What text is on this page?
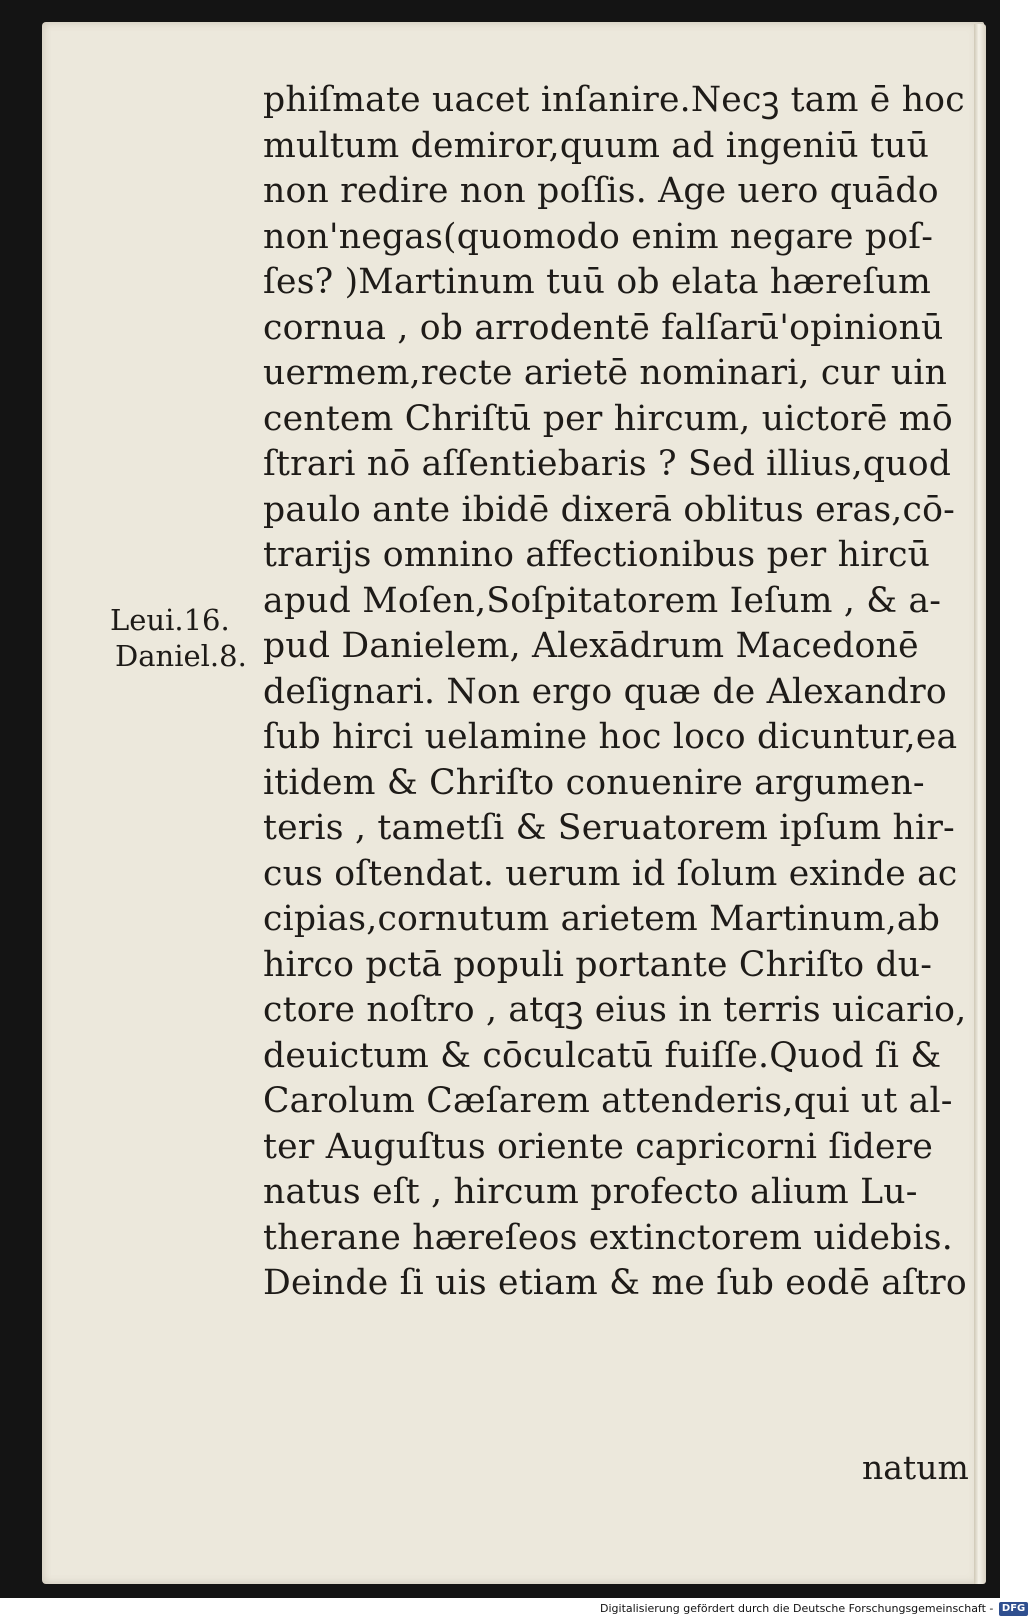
Leui.16.
Daniel.8.
phiſmate uacet inſanire.Necꝫ tam ē hoc
multum demiror,quum ad ingeniū tuū
non redire non poſſis. Age uero quādo
non'negas(quomodo enim negare poſ-
ſes? )Martinum tuū ob elata hæreſum
cornua , ob arrodentē falſarū'opinionū
uermem,recte arietē nominari, cur uin
centem Chriſtū per hircum, uictorē mō
ſtrari nō aſſentiebaris ? Sed illius,quod
paulo ante ibidē dixerā oblitus eras,cō-
trarijs omnino affectionibus per hircū
apud Moſen,Soſpitatorem Ieſum , & a-
pud Danielem, Alexādrum Macedonē
deſignari. Non ergo quæ de Alexandro
ſub hirci uelamine hoc loco dicuntur,ea
itidem & Chriſto conuenire argumen-
teris , tametſi & Seruatorem ipſum hir-
cus oſtendat. uerum id ſolum exinde ac
cipias,cornutum arietem Martinum,ab
hirco pctā populi portante Chriſto du-
ctore noſtro , atqꝫ eius in terris uicario,
deuictum & cōculcatū fuiſſe.Quod ſi &
Carolum Cæſarem attenderis,qui ut al-
ter Auguſtus oriente capricorni ſidere
natus eſt , hircum profecto alium Lu-
therane hæreſeos extinctorem uidebis.
Deinde ſi uis etiam & me ſub eodē aſtro
natum
Digitalisierung gefördert durch die Deutsche Forschungsgemeinschaft - DFG
